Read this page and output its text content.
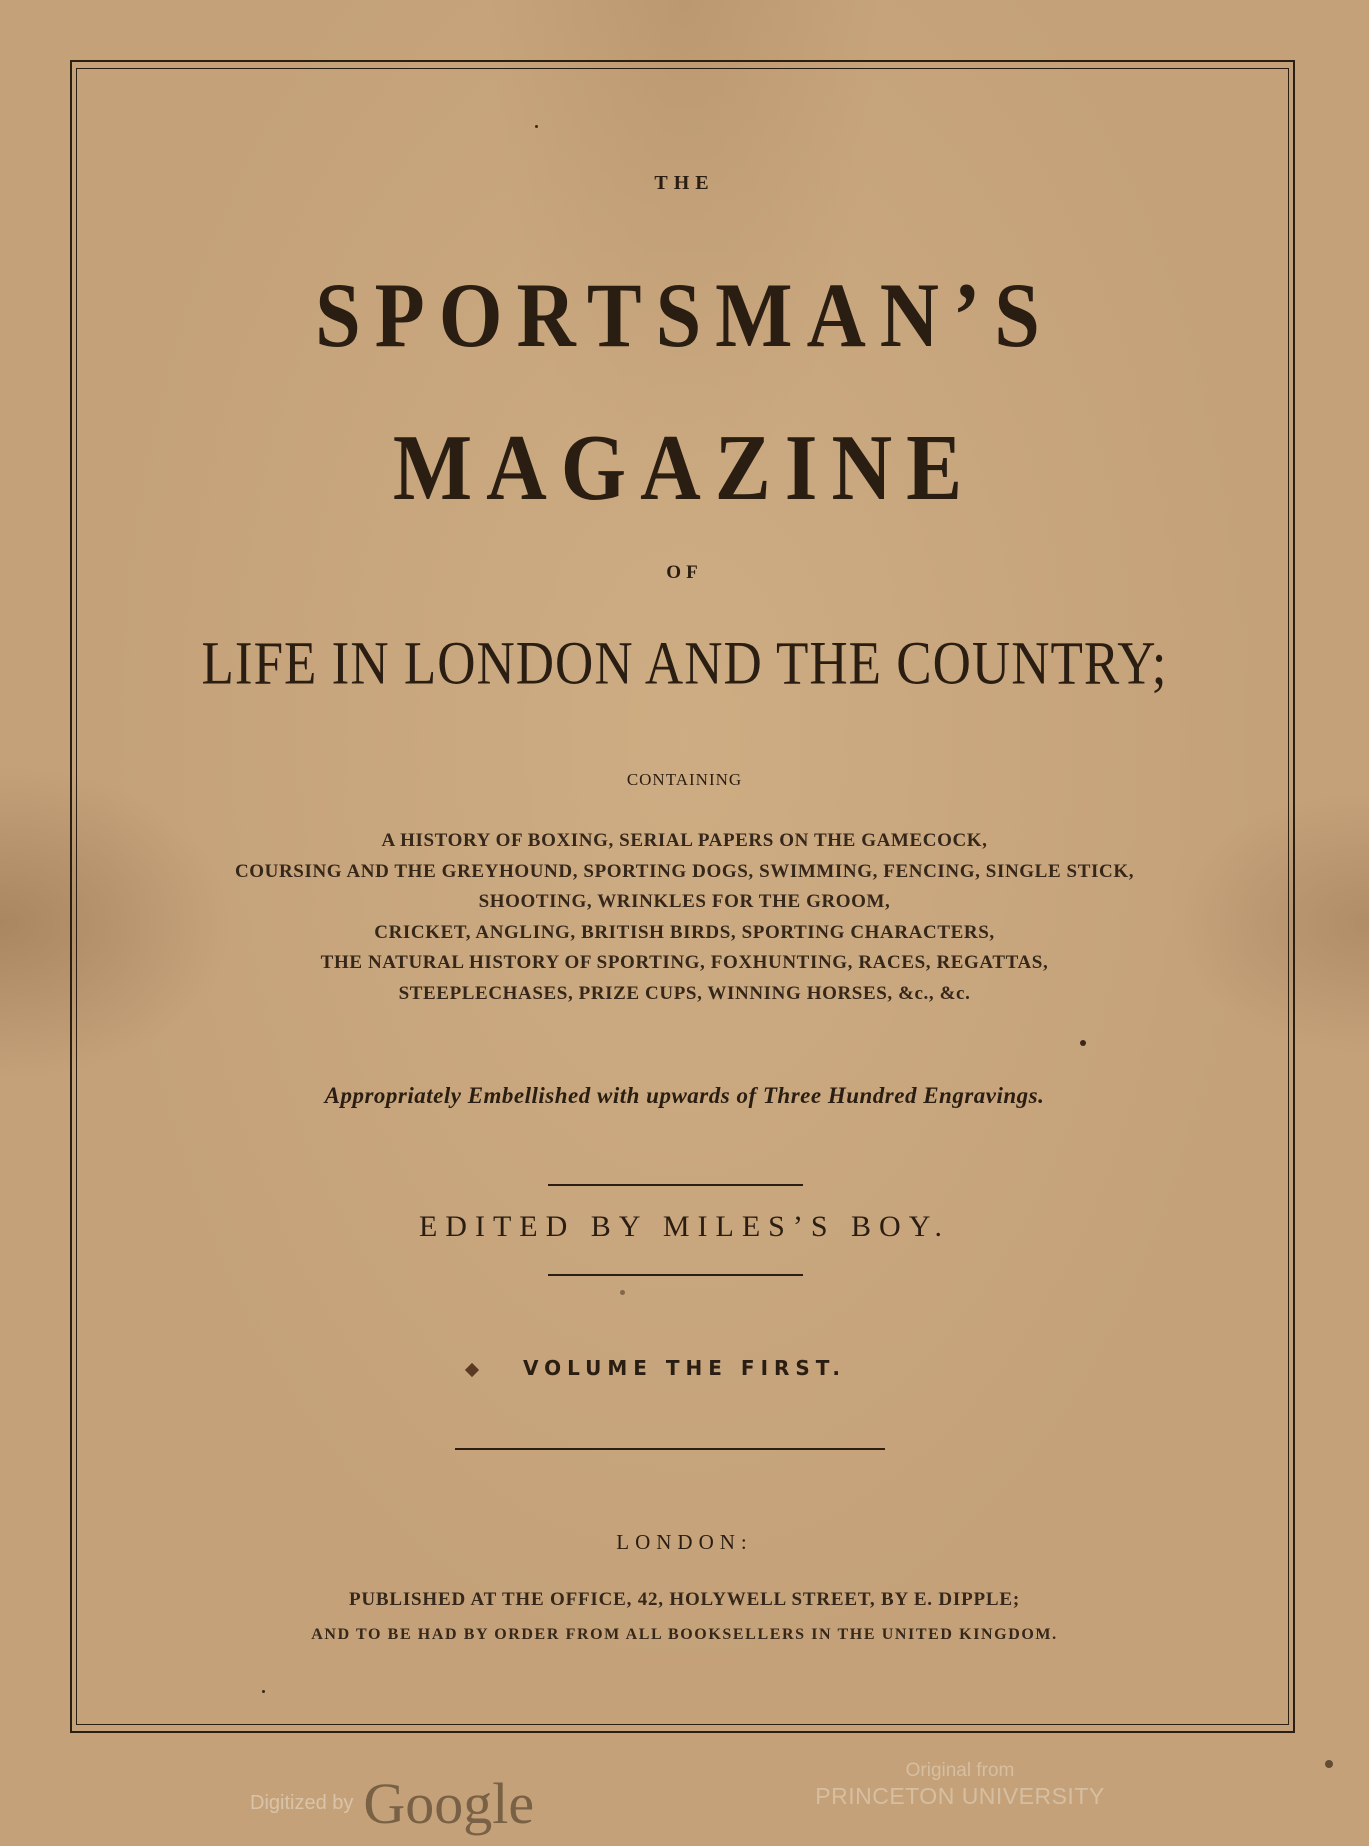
THE
SPORTSMAN’S
MAGAZINE
OF
LIFE IN LONDON AND THE COUNTRY;
CONTAINING
A HISTORY OF BOXING, SERIAL PAPERS ON THE GAMECOCK,
COURSING AND THE GREYHOUND, SPORTING DOGS, SWIMMING, FENCING, SINGLE STICK,
SHOOTING, WRINKLES FOR THE GROOM,
CRICKET, ANGLING, BRITISH BIRDS, SPORTING CHARACTERS,
THE NATURAL HISTORY OF SPORTING, FOXHUNTING, RACES, REGATTAS,
STEEPLECHASES, PRIZE CUPS, WINNING HORSES, &c., &c.
Appropriately Embellished with upwards of Three Hundred Engravings.
EDITED BY MILES’S BOY.
VOLUME THE FIRST.
LONDON:
PUBLISHED AT THE OFFICE, 42, HOLYWELL STREET, BY E. DIPPLE;
AND TO BE HAD BY ORDER FROM ALL BOOKSELLERS IN THE UNITED KINGDOM.
Digitized by Google
Original from
PRINCETON UNIVERSITY
